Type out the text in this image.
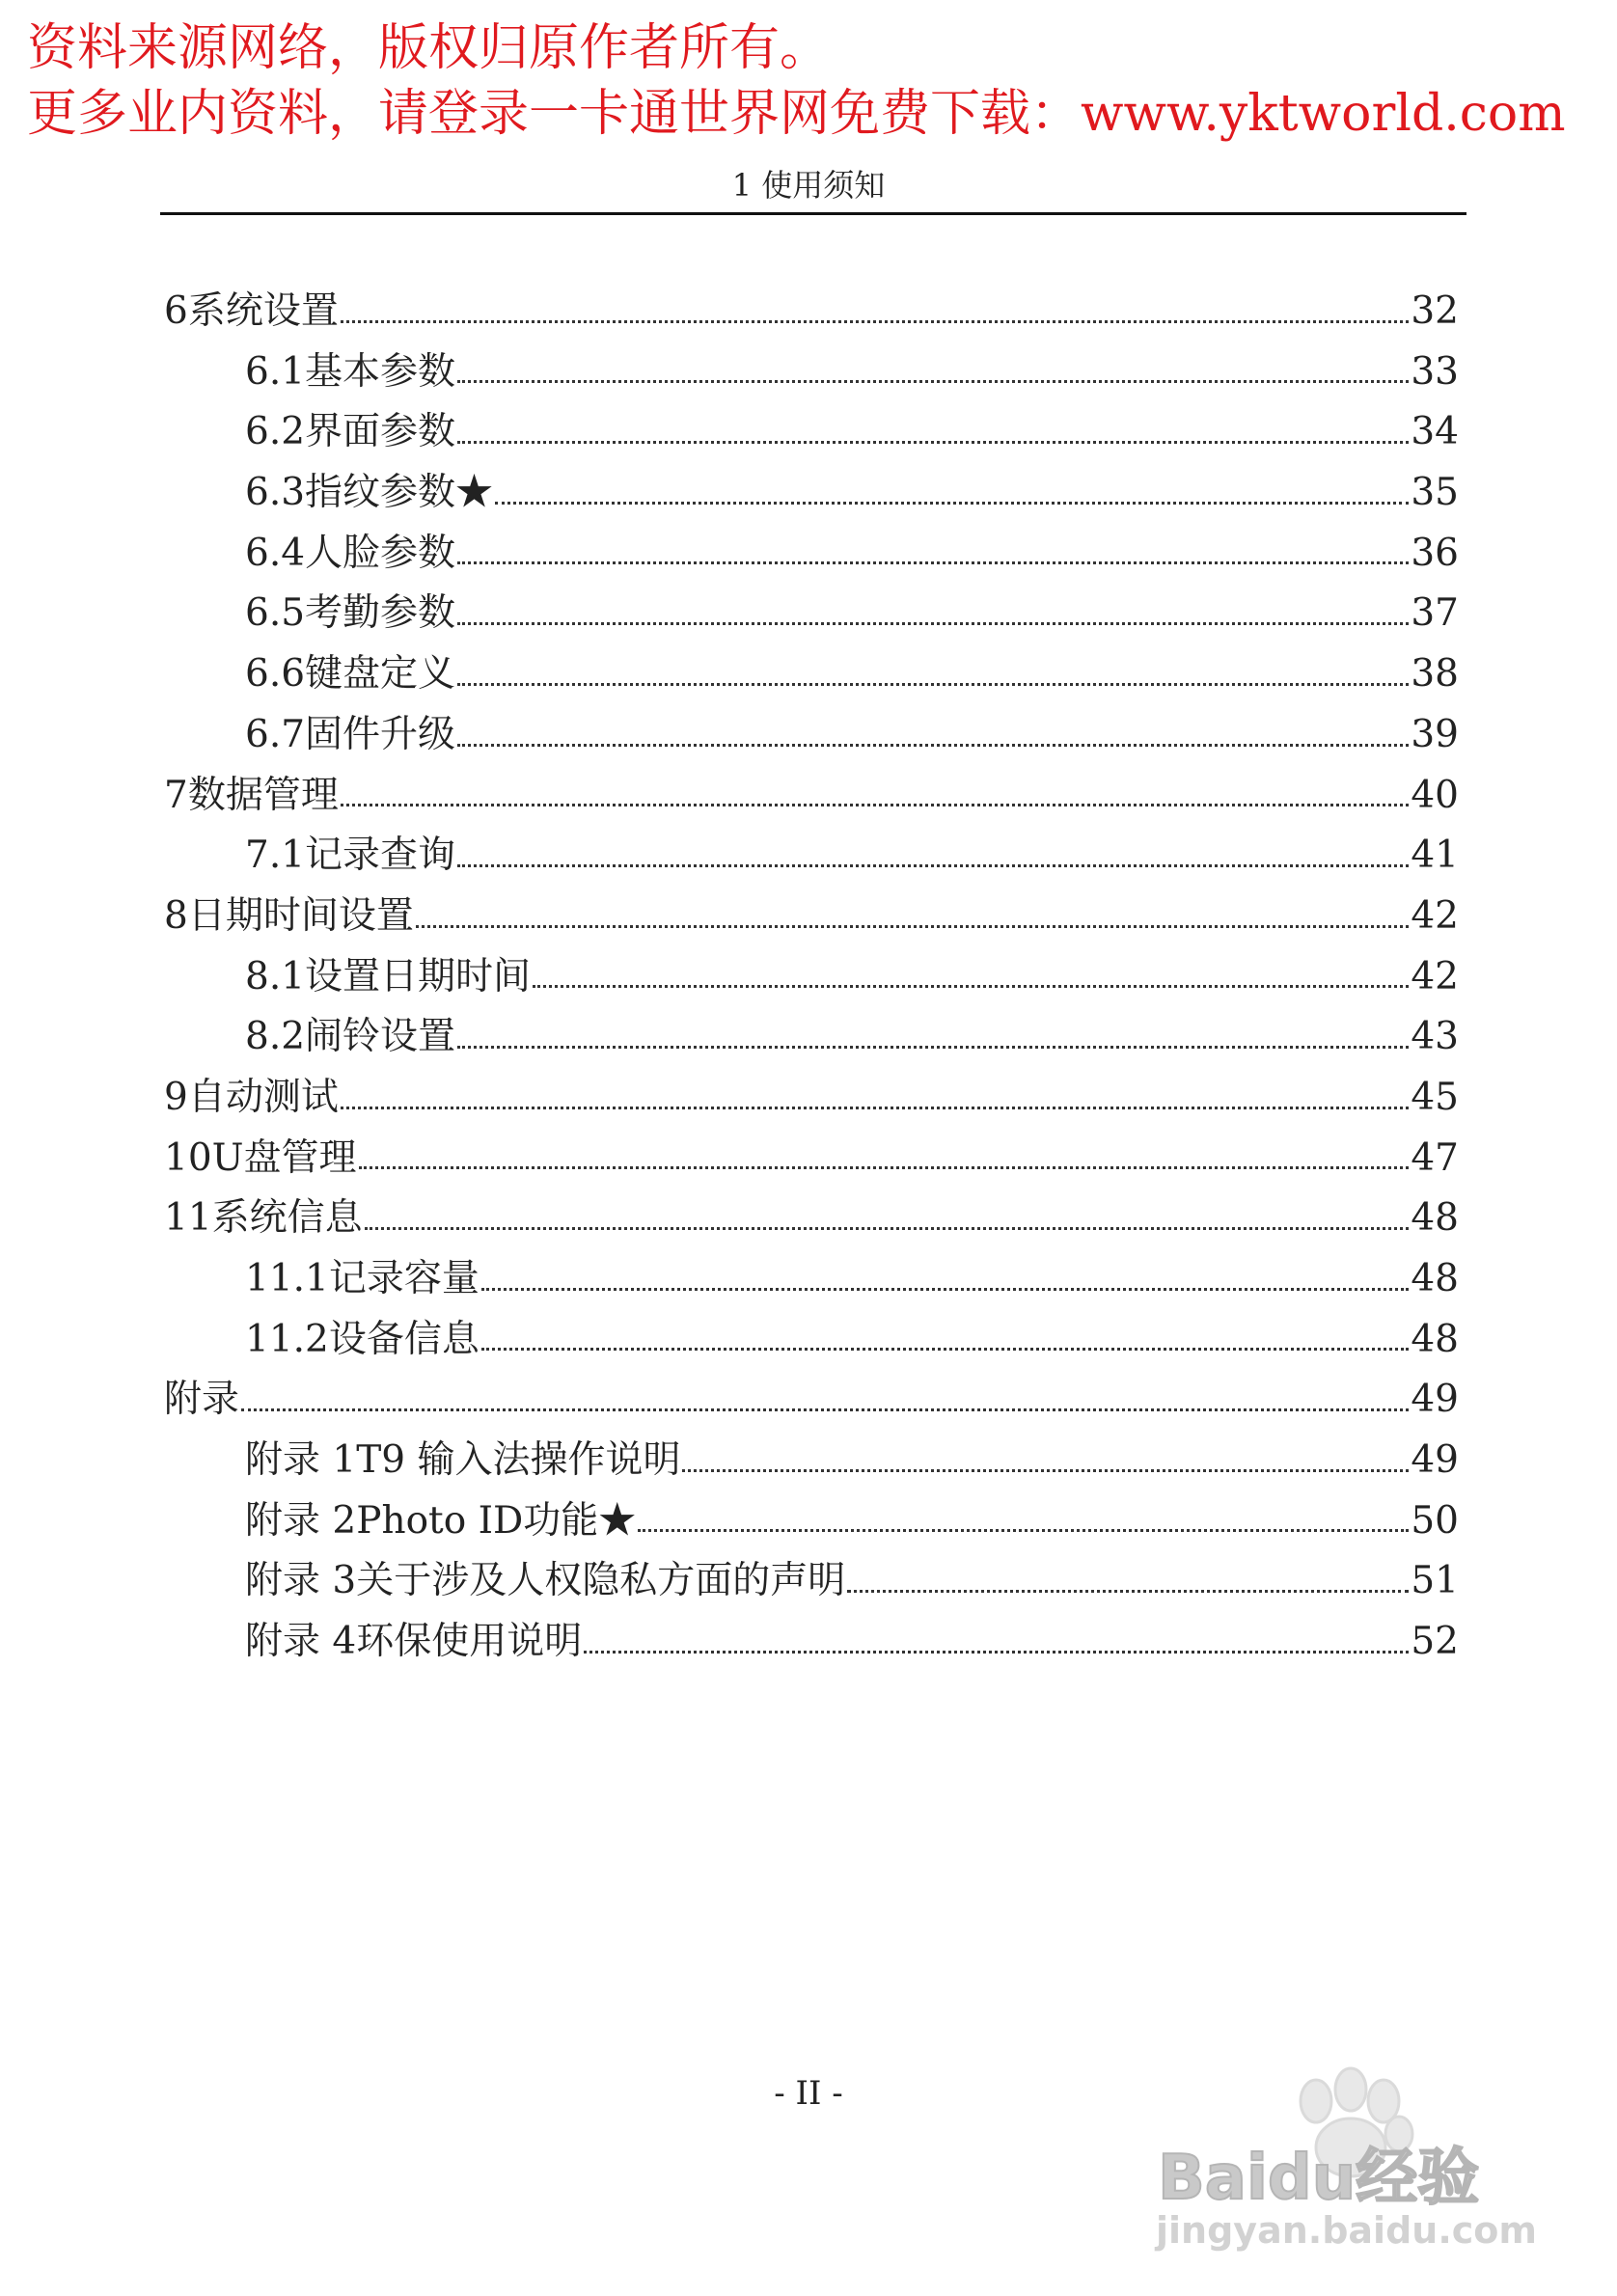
资料来源网络，版权归原作者所有。
更多业内资料，请登录一卡通世界网免费下载：www.yktworld.com
1 使用须知
6 系统设置	32
6.1 基本参数	33
6.2 界面参数	34
6.3 指纹参数★	35
6.4 人脸参数	36
6.5 考勤参数	37
6.6 键盘定义	38
6.7 固件升级	39
7 数据管理	40
7.1 记录查询	41
8 日期时间设置	42
8.1 设置日期时间	42
8.2 闹铃设置	43
9 自动测试	45
10 U盘管理	47
11 系统信息	48
11.1 记录容量	48
11.2 设备信息	48
附录	49
附录 1 T9 输入法操作说明	49
附录 2 Photo ID功能★	50
附录 3 关于涉及人权隐私方面的声明	51
附录 4 环保使用说明	52
- II -
Baidu经验
jingyan.baidu.com
